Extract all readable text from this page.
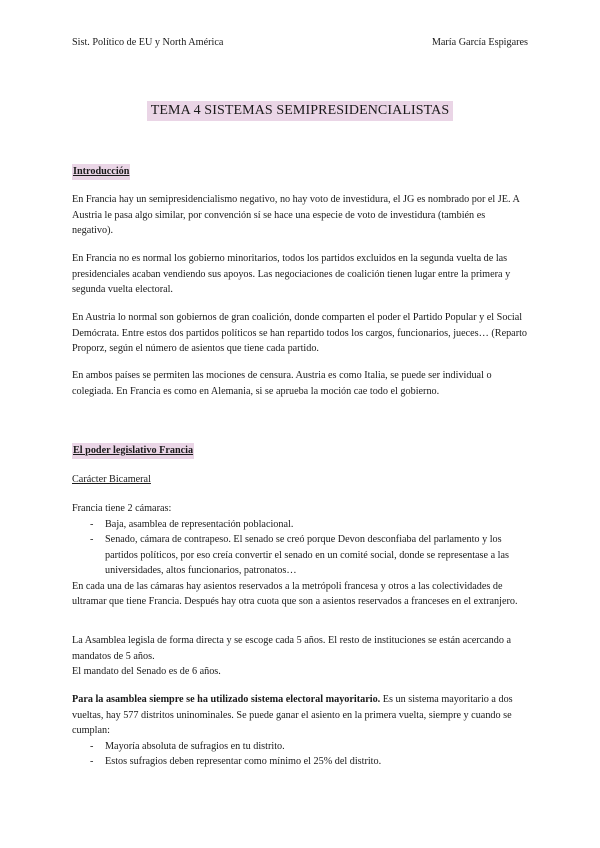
Sist. Político de EU y North América	María García Espigares
TEMA 4 SISTEMAS SEMIPRESIDENCIALISTAS
Introducción

En Francia hay un semipresidencialismo negativo, no hay voto de investidura, el JG es nombrado por el JE. A Austria le pasa algo similar, por convención sí se hace una especie de voto de investidura (también es negativo).

En Francia no es normal los gobierno minoritarios, todos los partidos excluidos en la segunda vuelta de las presidenciales acaban vendiendo sus apoyos. Las negociaciones de coalición tienen lugar entre la primera y segunda vuelta electoral.

En Austria lo normal son gobiernos de gran coalición, donde comparten el poder el Partido Popular y el Social Demócrata. Entre estos dos partidos políticos se han repartido todos los cargos, funcionarios, jueces… (Reparto Proporz, según el número de asientos que tiene cada partido.

En ambos países se permiten las mociones de censura. Austria es como Italia, se puede ser individual o colegiada. En Francia es como en Alemania, si se aprueba la moción cae todo el gobierno.

El poder legislativo Francia
Carácter Bicameral

Francia tiene 2 cámaras:

- Baja, asamblea de representación poblacional.
- Senado, cámara de contrapeso. El senado se creó porque Devon desconfiaba del parlamento y los partidos políticos, por eso creía convertir el senado en un comité social, donde se representase a las universidades, altos funcionarios, patronatos…

En cada una de las cámaras hay asientos reservados a la metrópoli francesa y otros a las colectividades de ultramar que tiene Francia. Después hay otra cuota que son a asientos reservados a franceses en el extranjero.

La Asamblea legisla de forma directa y se escoge cada 5 años. El resto de instituciones se están acercando a mandatos de 5 años.

El mandato del Senado es de 6 años.

Para la asamblea siempre se ha utilizado sistema electoral mayoritario. Es un sistema mayoritario a dos vueltas, hay 577 distritos uninominales. Se puede ganar el asiento en la primera vuelta, siempre y cuando se cumplan:

- Mayoría absoluta de sufragios en tu distrito.
- Estos sufragios deben representar como mínimo el 25% del distrito.
